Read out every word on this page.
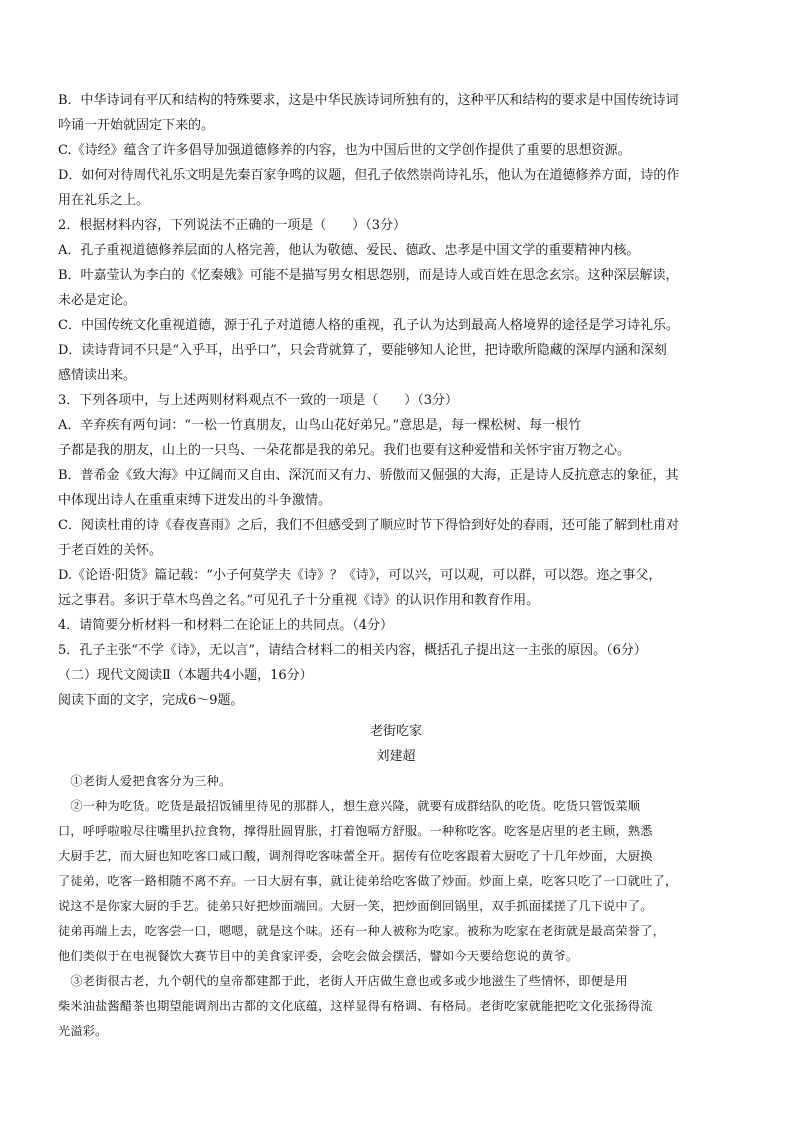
B．中华诗词有平仄和结构的特殊要求，这是中华民族诗词所独有的，这种平仄和结构的要求是中国传统诗词
吟诵一开始就固定下来的。
C.《诗经》蕴含了许多倡导加强道德修养的内容，也为中国后世的文学创作提供了重要的思想资源。
D．如何对待周代礼乐文明是先秦百家争鸣的议题，但孔子依然崇尚诗礼乐，他认为在道德修养方面，诗的作
用在礼乐之上。
2．根据材料内容，下列说法不正确的一项是（　　）（3分）
A．孔子重视道德修养层面的人格完善，他认为敬德、爱民、德政、忠孝是中国文学的重要精神内核。
B．叶嘉莹认为李白的《忆秦娥》可能不是描写男女相思怨别，而是诗人或百姓在思念玄宗。这种深层解读，
未必是定论。
C．中国传统文化重视道德，源于孔子对道德人格的重视，孔子认为达到最高人格境界的途径是学习诗礼乐。
D．读诗背词不只是“入乎耳，出乎口”，只会背就算了，要能够知人论世，把诗歌所隐藏的深厚内涵和深刻
感情读出来。
3．下列各项中，与上述两则材料观点不一致的一项是（　　）（3分）
A．辛弃疾有两句词：“一松一竹真朋友，山鸟山花好弟兄。”意思是，每一棵松树、每一根竹
子都是我的朋友，山上的一只鸟、一朵花都是我的弟兄。我们也要有这种爱惜和关怀宇宙万物之心。
B．普希金《致大海》中辽阔而又自由、深沉而又有力、骄傲而又倔强的大海，正是诗人反抗意志的象征，其
中体现出诗人在重重束缚下迸发出的斗争激情。
C．阅读杜甫的诗《春夜喜雨》之后，我们不但感受到了顺应时节下得恰到好处的春雨，还可能了解到杜甫对
于老百姓的关怀。
D.《论语·阳货》篇记载：“小子何莫学夫《诗》？《诗》，可以兴，可以观，可以群，可以怨。迩之事父，
远之事君。多识于草木鸟兽之名。”可见孔子十分重视《诗》的认识作用和教育作用。
4．请简要分析材料一和材料二在论证上的共同点。（4分）
5．孔子主张“不学《诗》，无以言”，请结合材料二的相关内容，概括孔子提出这一主张的原因。（6分）
（二）现代文阅读Ⅱ（本题共4小题，16分）
阅读下面的文字，完成6～9题。
老街吃家
刘建超
　①老街人爱把食客分为三种。
　②一种为吃货。吃货是最招饭铺里待见的那群人，想生意兴隆，就要有成群结队的吃货。吃货只管饭菜顺
口，呼呼啦啦尽往嘴里扒拉食物，撑得肚圆胃胀，打着饱嗝方舒服。一种称吃客。吃客是店里的老主顾，熟悉
大厨手艺，而大厨也知吃客口咸口酸，调剂得吃客味蕾全开。据传有位吃客跟着大厨吃了十几年炒面，大厨换
了徒弟，吃客一路相随不离不弃。一日大厨有事，就让徒弟给吃客做了炒面。炒面上桌，吃客只吃了一口就吐了，
说这不是你家大厨的手艺。徒弟只好把炒面端回。大厨一笑，把炒面倒回锅里，双手抓面揉搓了几下说中了。
徒弟再端上去，吃客尝一口，嗯嗯，就是这个味。还有一种人被称为吃家。被称为吃家在老街就是最高荣誉了，
他们类似于在电视餐饮大赛节目中的美食家评委，会吃会做会摆活，譬如今天要给您说的黄爷。
　③老街很古老，九个朝代的皇帝都建都于此，老街人开店做生意也或多或少地滋生了些情怀，即便是用
柴米油盐酱醋茶也期望能调剂出古都的文化底蕴，这样显得有格调、有格局。老街吃家就能把吃文化张扬得流
光溢彩。
